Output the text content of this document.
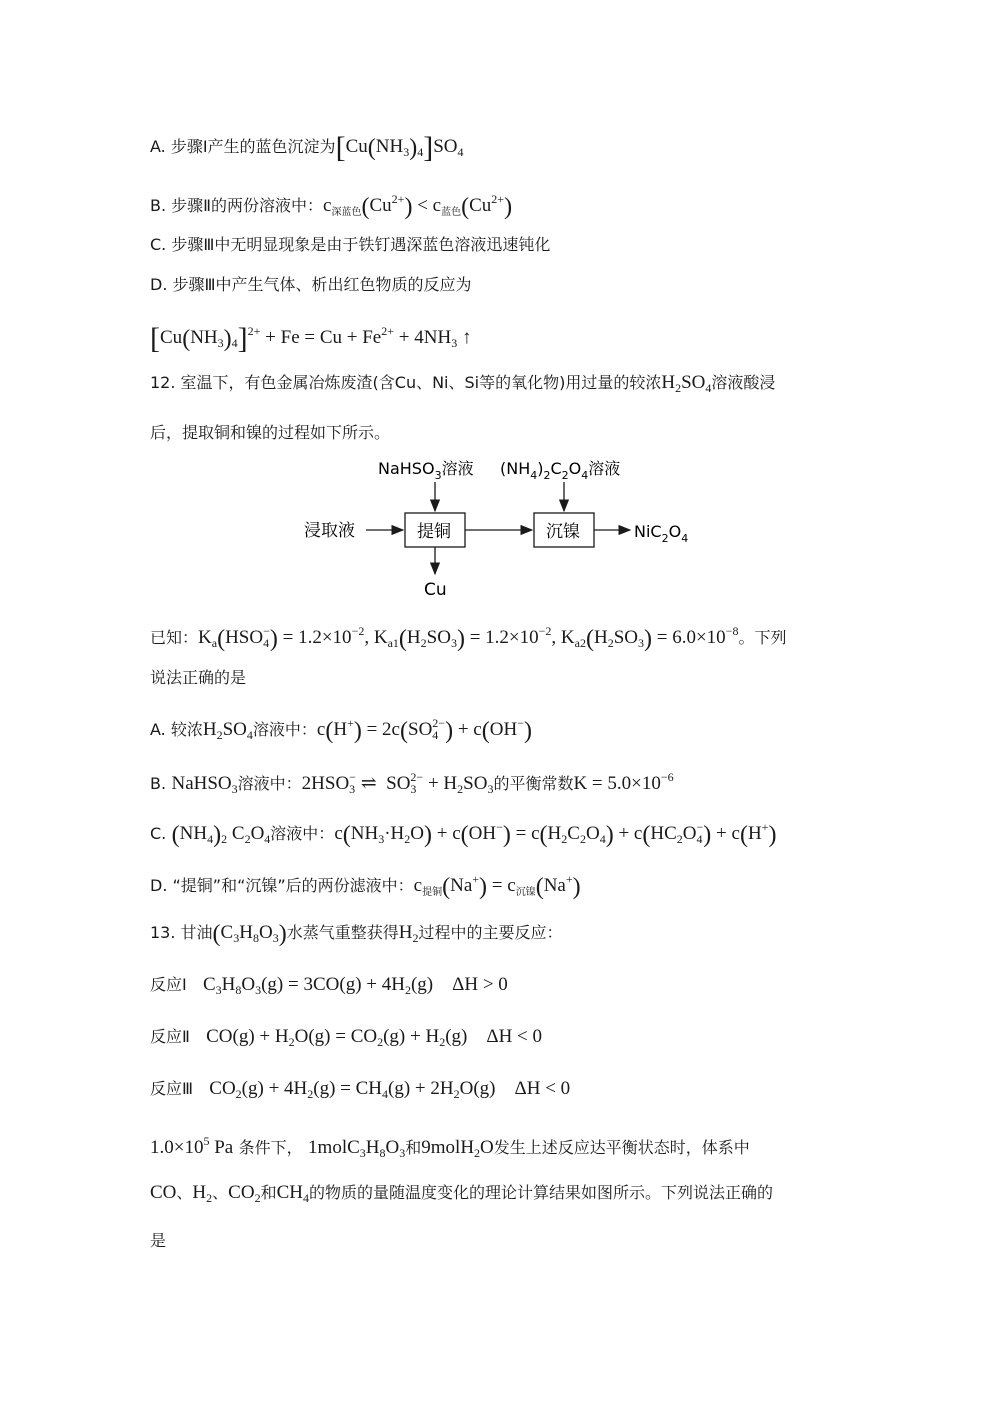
A. 步骤Ⅰ产生的蓝色沉淀为$[Cu(NH_3)_4]SO_4$
B. 步骤Ⅱ的两份溶液中：$c_{深蓝色}(Cu^{2+}) < c_{蓝色}(Cu^{2+})$
C. 步骤Ⅲ中无明显现象是由于铁钉遇深蓝色溶液迅速钝化
D. 步骤Ⅲ中产生气体、析出红色物质的反应为
$[Cu(NH_3)_4]^{2+} + Fe = Cu + Fe^{2+} + 4NH_3$ ↑
12. 室温下，有色金属冶炼废渣(含Cu、Ni、Si等的氧化物)用过量的较浓$H_2SO_4$溶液酸浸
后，提取铜和镍的过程如下所示。
NaHSO$_3$溶液 $(NH_4)_2C_2O_4$溶液
浸取液	提铜	沉镍	$NiC_2O_4$
Cu
已知：$K_a(HSO_4^-) = 1.2\times 10^{-2}$, $K_{a1}(H_2SO_3) = 1.2\times 10^{-2}$, $K_{a2}(H_2SO_3) = 6.0\times 10^{-8}$。下列
说法正确的是
A. 较浓$H_2SO_4$溶液中：$c(H^+) = 2c(SO_4^{2-}) + c(OH^-)$
B. NaHSO$_3$溶液中：$2HSO_3^-$ ⇌  $SO_3^{2-} + H_2SO_3$的平衡常数$K = 5.0\times 10^{-6}$
C. $(NH_4)_2$ $C_2O_4$溶液中：$c(NH_3\cdot H_2O) + c(OH^-) = c(H_2C_2O_4) + c(HC_2O_4^-) + c(H^+)$
D. “提铜”和“沉镍”后的两份滤液中：$c_{提铜}(Na^+) = c_{沉镍}(Na^+)$
13. 甘油$(C_3H_8O_3)$水蒸气重整获得$H_2$过程中的主要反应：
反应Ⅰ $C_3H_8O_3(g) = 3CO(g) + 4H_2(g)$    ΔH > 0
反应Ⅱ $CO(g) + H_2O(g) = CO_2(g) + H_2(g)$    ΔH < 0
反应Ⅲ $CO_2(g) + 4H_2(g) = CH_4(g) + 2H_2O(g)$    ΔH < 0
$1.0\times 10^5$ Pa 条件下， $1molC_3H_8O_3$和9molH$_2$O发生上述反应达平衡状态时，体系中
CO、$H_2$、$CO_2$和$CH_4$的物质的量随温度变化的理论计算结果如图所示。下列说法正确的
是
